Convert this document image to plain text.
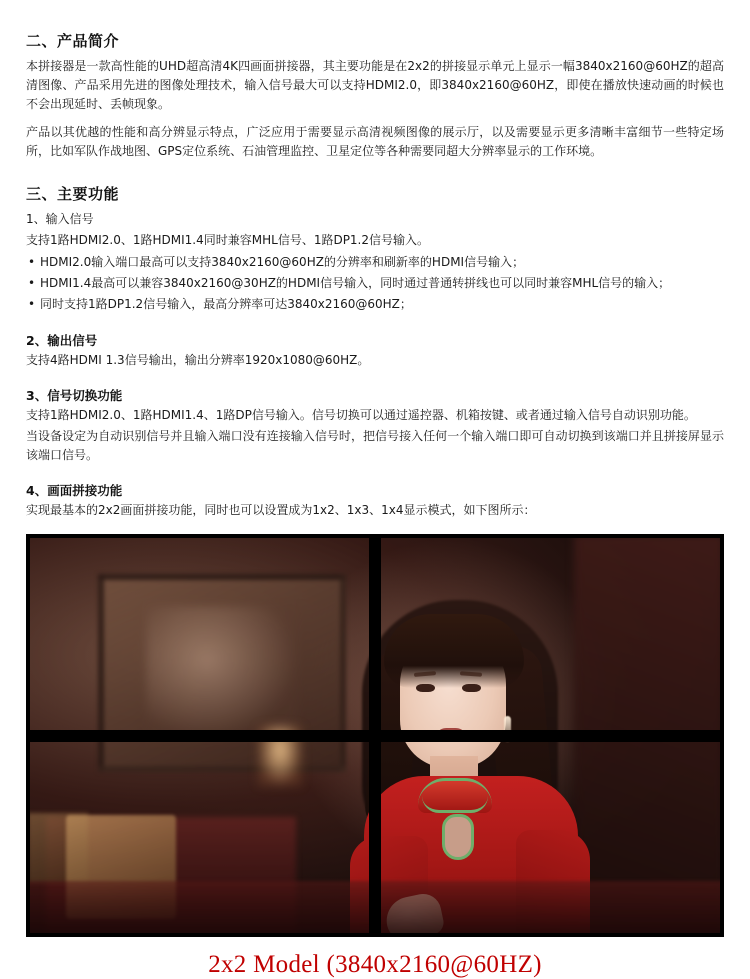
二、产品简介

本拼接器是一款高性能的UHD超高清4K四画面拼接器，其主要功能是在2x2的拼接显示单元上显示一幅3840x2160@60HZ的超高清图像、产品采用先进的图像处理技术，输入信号最大可以支持HDMI2.0，即3840x2160@60HZ，即使在播放快速动画的时候也不会出现延时、丢帧现象。

产品以其优越的性能和高分辨显示特点，广泛应用于需要显示高清视频图像的展示厅，以及需要显示更多清晰丰富细节一些特定场所，比如军队作战地图、GPS定位系统、石油管理监控、卫星定位等各种需要同超大分辨率显示的工作环境。

三、主要功能

1、输入信号

支持1路HDMI2.0、1路HDMI1.4同时兼容MHL信号、1路DP1.2信号输入。

• HDMI2.0输入端口最高可以支持3840x2160@60HZ的分辨率和刷新率的HDMI信号输入；
• HDMI1.4最高可以兼容3840x2160@30HZ的HDMI信号输入，同时通过普通转拼线也可以同时兼容MHL信号的输入；
• 同时支持1路DP1.2信号输入，最高分辨率可达3840x2160@60HZ；

2、输出信号

支持4路HDMI 1.3信号输出，输出分辨率1920x1080@60HZ。

3、信号切换功能

支持1路HDMI2.0、1路HDMI1.4、1路DP信号输入。信号切换可以通过遥控器、机箱按键、或者通过输入信号自动识别功能。

当设备设定为自动识别信号并且输入端口没有连接输入信号时，把信号接入任何一个输入端口即可自动切换到该端口并且拼接屏显示该端口信号。

4、画面拼接功能

实现最基本的2x2画面拼接功能，同时也可以设置成为1x2、1x3、1x4显示模式，如下图所示：

2x2 Model (3840x2160@60HZ)
